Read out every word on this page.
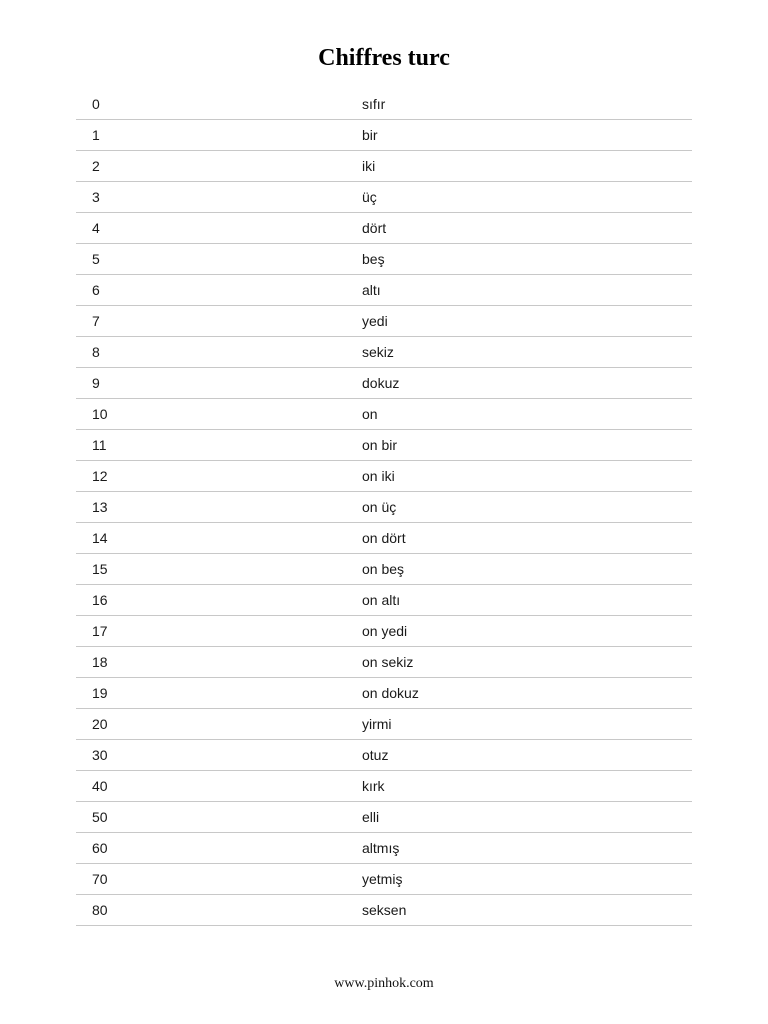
Chiffres turc
0	sıfır
1	bir
2	iki
3	üç
4	dört
5	beş
6	altı
7	yedi
8	sekiz
9	dokuz
10	on
11	on bir
12	on iki
13	on üç
14	on dört
15	on beş
16	on altı
17	on yedi
18	on sekiz
19	on dokuz
20	yirmi
30	otuz
40	kırk
50	elli
60	altmış
70	yetmiş
80	seksen
www.pinhok.com
